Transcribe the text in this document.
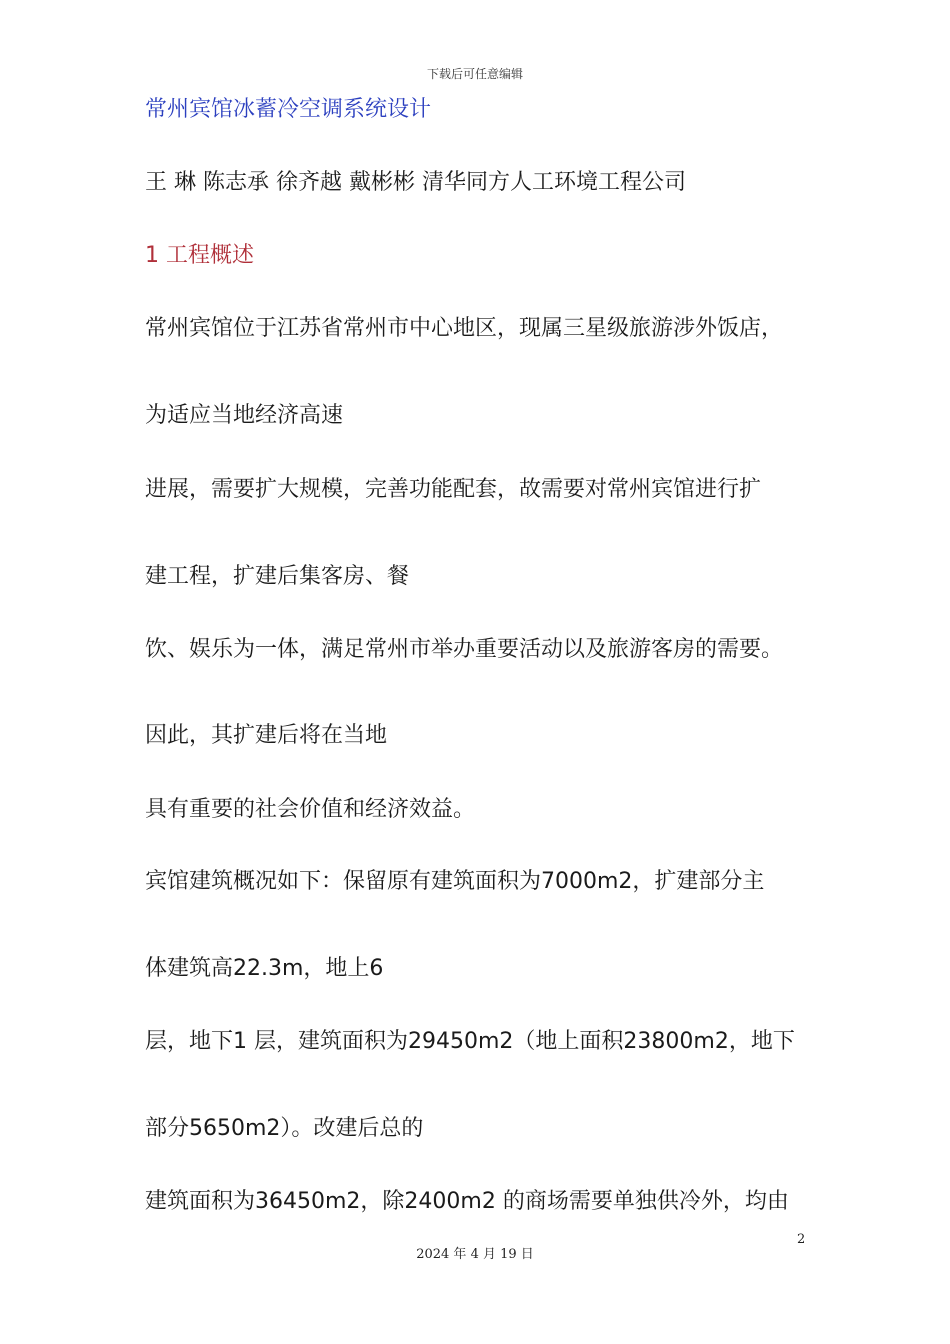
下载后可任意编辑

常州宾馆冰蓄冷空调系统设计

王 琳 陈志承 徐齐越 戴彬彬 清华同方人工环境工程公司

1 工程概述

常州宾馆位于江苏省常州市中心地区，现属三星级旅游涉外饭店，

为适应当地经济高速

进展，需要扩大规模，完善功能配套，故需要对常州宾馆进行扩

建工程，扩建后集客房、餐

饮、娱乐为一体，满足常州市举办重要活动以及旅游客房的需要。

因此，其扩建后将在当地

具有重要的社会价值和经济效益。

宾馆建筑概况如下：保留原有建筑面积为7000m2，扩建部分主

体建筑高22.3m，地上6

层，地下1 层，建筑面积为29450m2（地上面积23800m2，地下

部分5650m2）。改建后总的

建筑面积为36450m2，除2400m2 的商场需要单独供冷外，均由

2
2024 年 4 月 19 日
